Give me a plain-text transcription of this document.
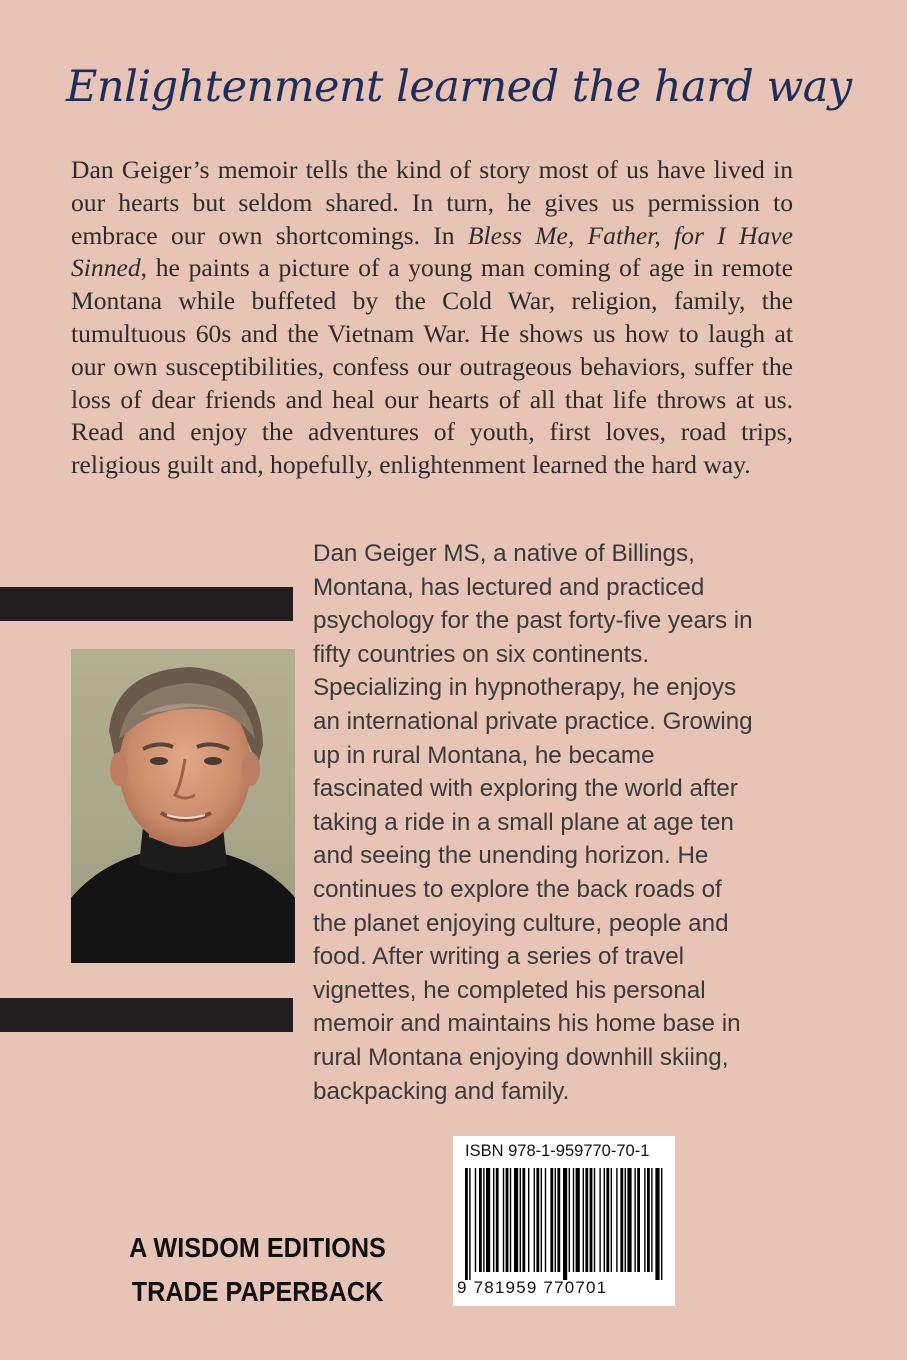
Enlightenment learned the hard way

Dan Geiger’s memoir tells the kind of story most of us have lived in our hearts but seldom shared. In turn, he gives us permission to embrace our own shortcomings. In Bless Me, Father, for I Have Sinned, he paints a picture of a young man coming of age in remote Montana while buffeted by the Cold War, religion, family, the tumultuous 60s and the Vietnam War. He shows us how to laugh at our own susceptibilities, confess our outrageous behaviors, suffer the loss of dear friends and heal our hearts of all that life throws at us. Read and enjoy the adventures of youth, first loves, road trips, religious guilt and, hopefully, enlightenment learned the hard way.

Dan Geiger MS, a native of Billings,
Montana, has lectured and practiced
psychology for the past forty-five years in
fifty countries on six continents.
Specializing in hypnotherapy, he enjoys
an international private practice. Growing
up in rural Montana, he became
fascinated with exploring the world after
taking a ride in a small plane at age ten
and seeing the unending horizon. He
continues to explore the back roads of
the planet enjoying culture, people and
food. After writing a series of travel
vignettes, he completed his personal
memoir and maintains his home base in
rural Montana enjoying downhill skiing,
backpacking and family.
ISBN 978-1-959770-70-1
9 781959 770701
A WISDOM EDITIONS
TRADE PAPERBACK
